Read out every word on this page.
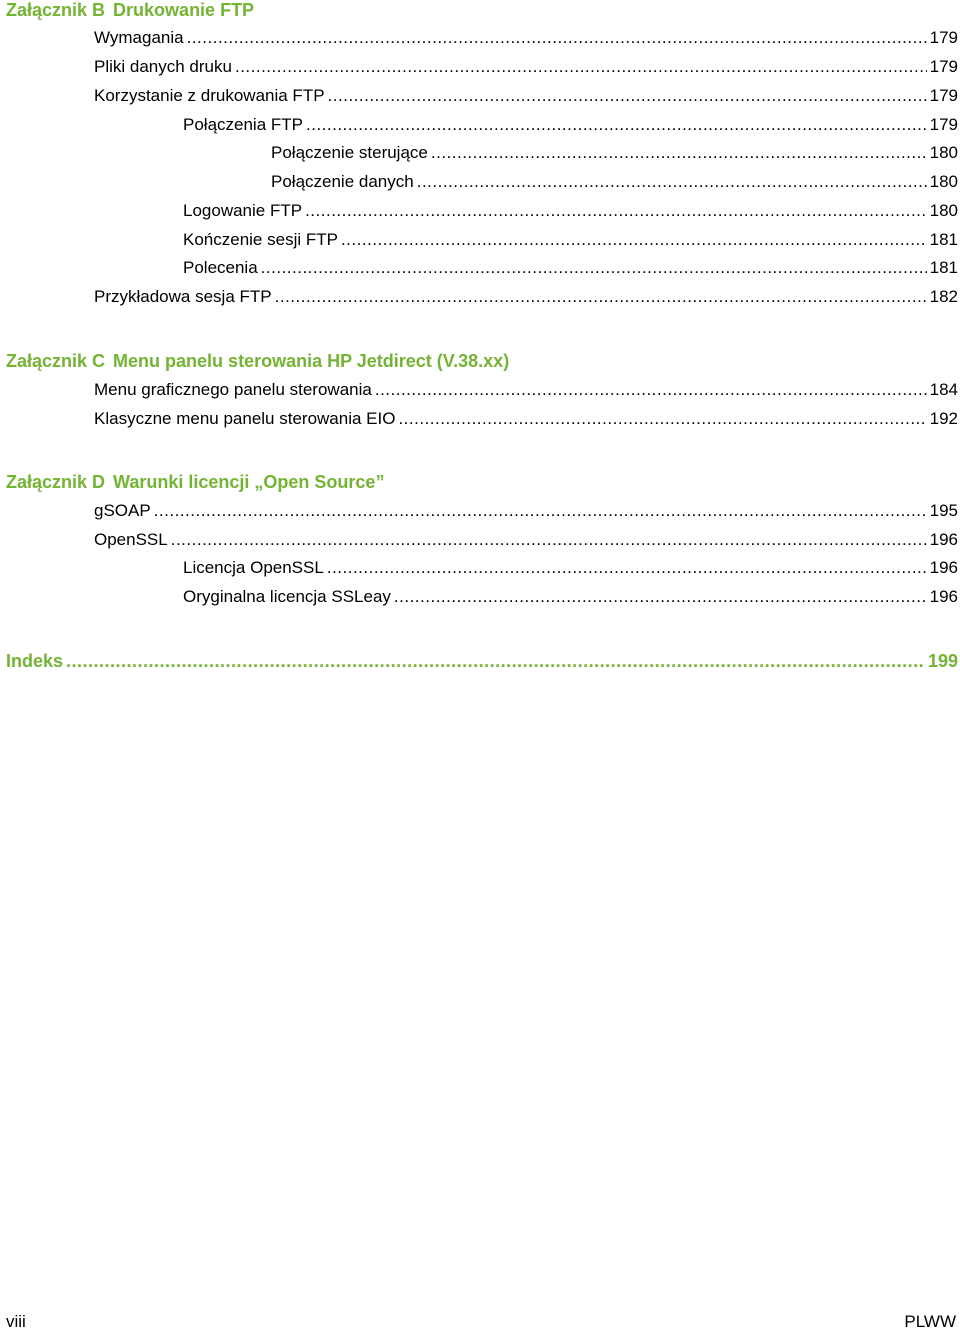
Załącznik B Drukowanie FTP
Wymagania .....	179
Pliki danych druku .....	179
Korzystanie z drukowania FTP .....	179
Połączenia FTP .....	179
Połączenie sterujące .....	180
Połączenie danych .....	180
Logowanie FTP .....	180
Kończenie sesji FTP .....	181
Polecenia .....	181
Przykładowa sesja FTP .....	182
Załącznik C Menu panelu sterowania HP Jetdirect (V.38.xx)
Menu graficznego panelu sterowania .....	184
Klasyczne menu panelu sterowania EIO .....	192
Załącznik D Warunki licencji „Open Source”
gSOAP .....	195
OpenSSL .....	196
Licencja OpenSSL .....	196
Oryginalna licencja SSLeay .....	196
Indeks .....	199
viii	PLWW
